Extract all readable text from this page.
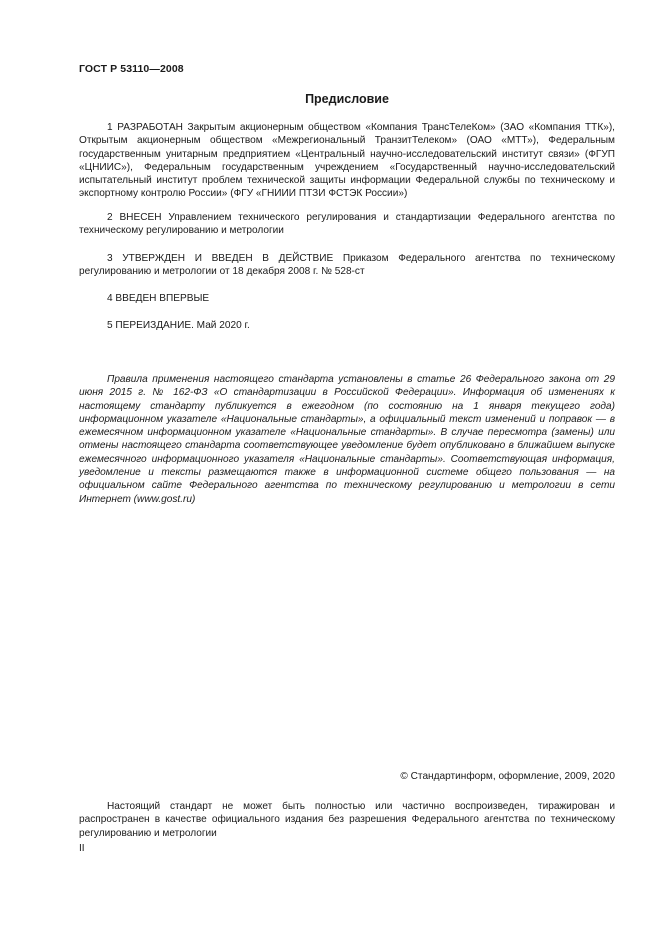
ГОСТ Р 53110—2008
Предисловие

1 РАЗРАБОТАН Закрытым акционерным обществом «Компания ТрансТелеКом» (ЗАО «Компания ТТК»), Открытым акционерным обществом «Межрегиональный ТранзитТелеком» (ОАО «МТТ»), Федеральным государственным унитарным предприятием «Центральный научно-исследовательский институт связи» (ФГУП «ЦНИИС»), Федеральным государственным учреждением «Государственный научно-исследовательский испытательный институт проблем технической защиты информации Федеральной службы по техническому и экспортному контролю России» (ФГУ «ГНИИИ ПТЗИ ФСТЭК России»)

2 ВНЕСЕН Управлением технического регулирования и стандартизации Федерального агентства по техническому регулированию и метрологии

3 УТВЕРЖДЕН И ВВЕДЕН В ДЕЙСТВИЕ Приказом Федерального агентства по техническому регулированию и метрологии от 18 декабря 2008 г. № 528-ст

4 ВВЕДЕН ВПЕРВЫЕ

5 ПЕРЕИЗДАНИЕ. Май 2020 г.

Правила применения настоящего стандарта установлены в статье 26 Федерального закона от 29 июня 2015 г. № 162-ФЗ «О стандартизации в Российской Федерации». Информация об изменениях к настоящему стандарту публикуется в ежегодном (по состоянию на 1 января текущего года) информационном указателе «Национальные стандарты», а официальный текст изменений и поправок — в ежемесячном информационном указателе «Национальные стандарты». В случае пересмотра (замены) или отмены настоящего стандарта соответствующее уведомление будет опубликовано в ближайшем выпуске ежемесячного информационного указателя «Национальные стандарты». Соответствующая информация, уведомление и тексты размещаются также в информационной системе общего пользования — на официальном сайте Федерального агентства по техническому регулированию и метрологии в сети Интернет (www.gost.ru)

© Стандартинформ, оформление, 2009, 2020

Настоящий стандарт не может быть полностью или частично воспроизведен, тиражирован и распространен в качестве официального издания без разрешения Федерального агентства по техническому регулированию и метрологии

II
